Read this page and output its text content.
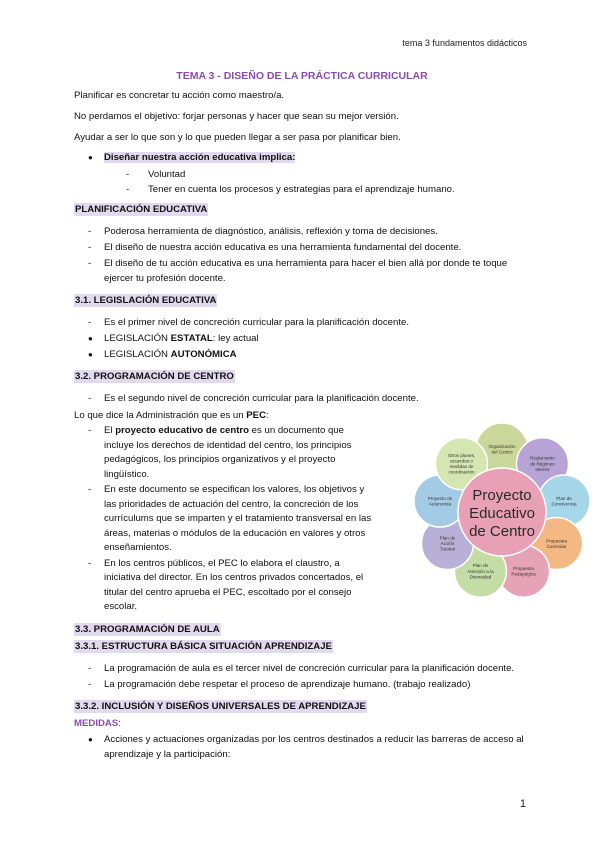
tema 3 fundamentos didácticos
TEMA 3 - DISEÑO DE LA PRÁCTICA CURRICULAR

Planificar es concretar tu acción como maestro/a.

No perdamos el objetivo: forjar personas y hacer que sean su mejor versión.

Ayudar a ser lo que son y lo que pueden llegar a ser pasa por planificar bien.

● Diseñar nuestra acción educativa implica:
- Voluntad
- Tener en cuenta los procesos y estrategias para el aprendizaje humano.
PLANIFICACIÓN EDUCATIVA
- Poderosa herramienta de diagnóstico, análisis, reflexión y toma de decisiones.
- El diseño de nuestra acción educativa es una herramienta fundamental del docente.
- El diseño de tu acción educativa es una herramienta para hacer el bien allá por donde te toque ejercer tu profesión docente.
3.1. LEGISLACIÓN EDUCATIVA
- Es el primer nivel de concreción curricular para la planificación docente.
● LEGISLACIÓN ESTATAL: ley actual
● LEGISLACIÓN AUTONÓMICA
3.2. PROGRAMACIÓN DE CENTRO
- Es el segundo nivel de concreción curricular para la planificación docente.

Lo que dice la Administración que es un PEC:

- El proyecto educativo de centro es un documento que incluye los derechos de identidad del centro, los principios pedagógicos, los principios organizativos y el proyecto lingüístico.
- En este documento se especifican los valores, los objetivos y las prioridades de actuación del centro, la concreción de los currículums que se imparten y el tratamiento transversal en las áreas, materias o módulos de la educación en valores y otros enseñamientos.
- En los centros públicos, el PEC lo elabora el claustro, a iniciativa del director. En los centros privados concertados, el titular del centro aprueba el PEC, escoltado por el consejo escolar.
Organización del Centro
Reglamento de Régimen Interior
Plan de Convivencia
Propuesta Curricular
Propuesta Pedagógica
Plan de Atención a la Diversidad
Plan de Acción Tutorial
Proyecto de Autonomía
Otros planes, acuerdos o medidas de coordinación
Proyecto Educativo de Centro
3.3. PROGRAMACIÓN DE AULA
3.3.1. ESTRUCTURA BÁSICA SITUACIÓN APRENDIZAJE
- La programación de aula es el tercer nivel de concreción curricular para la planificación docente.
- La programación debe respetar el proceso de aprendizaje humano. (trabajo realizado)
3.3.2. INCLUSIÓN Y DISEÑOS UNIVERSALES DE APRENDIZAJE
MEDIDAS:
● Acciones y actuaciones organizadas por los centros destinados a reducir las barreras de acceso al aprendizaje y la participación:
1
